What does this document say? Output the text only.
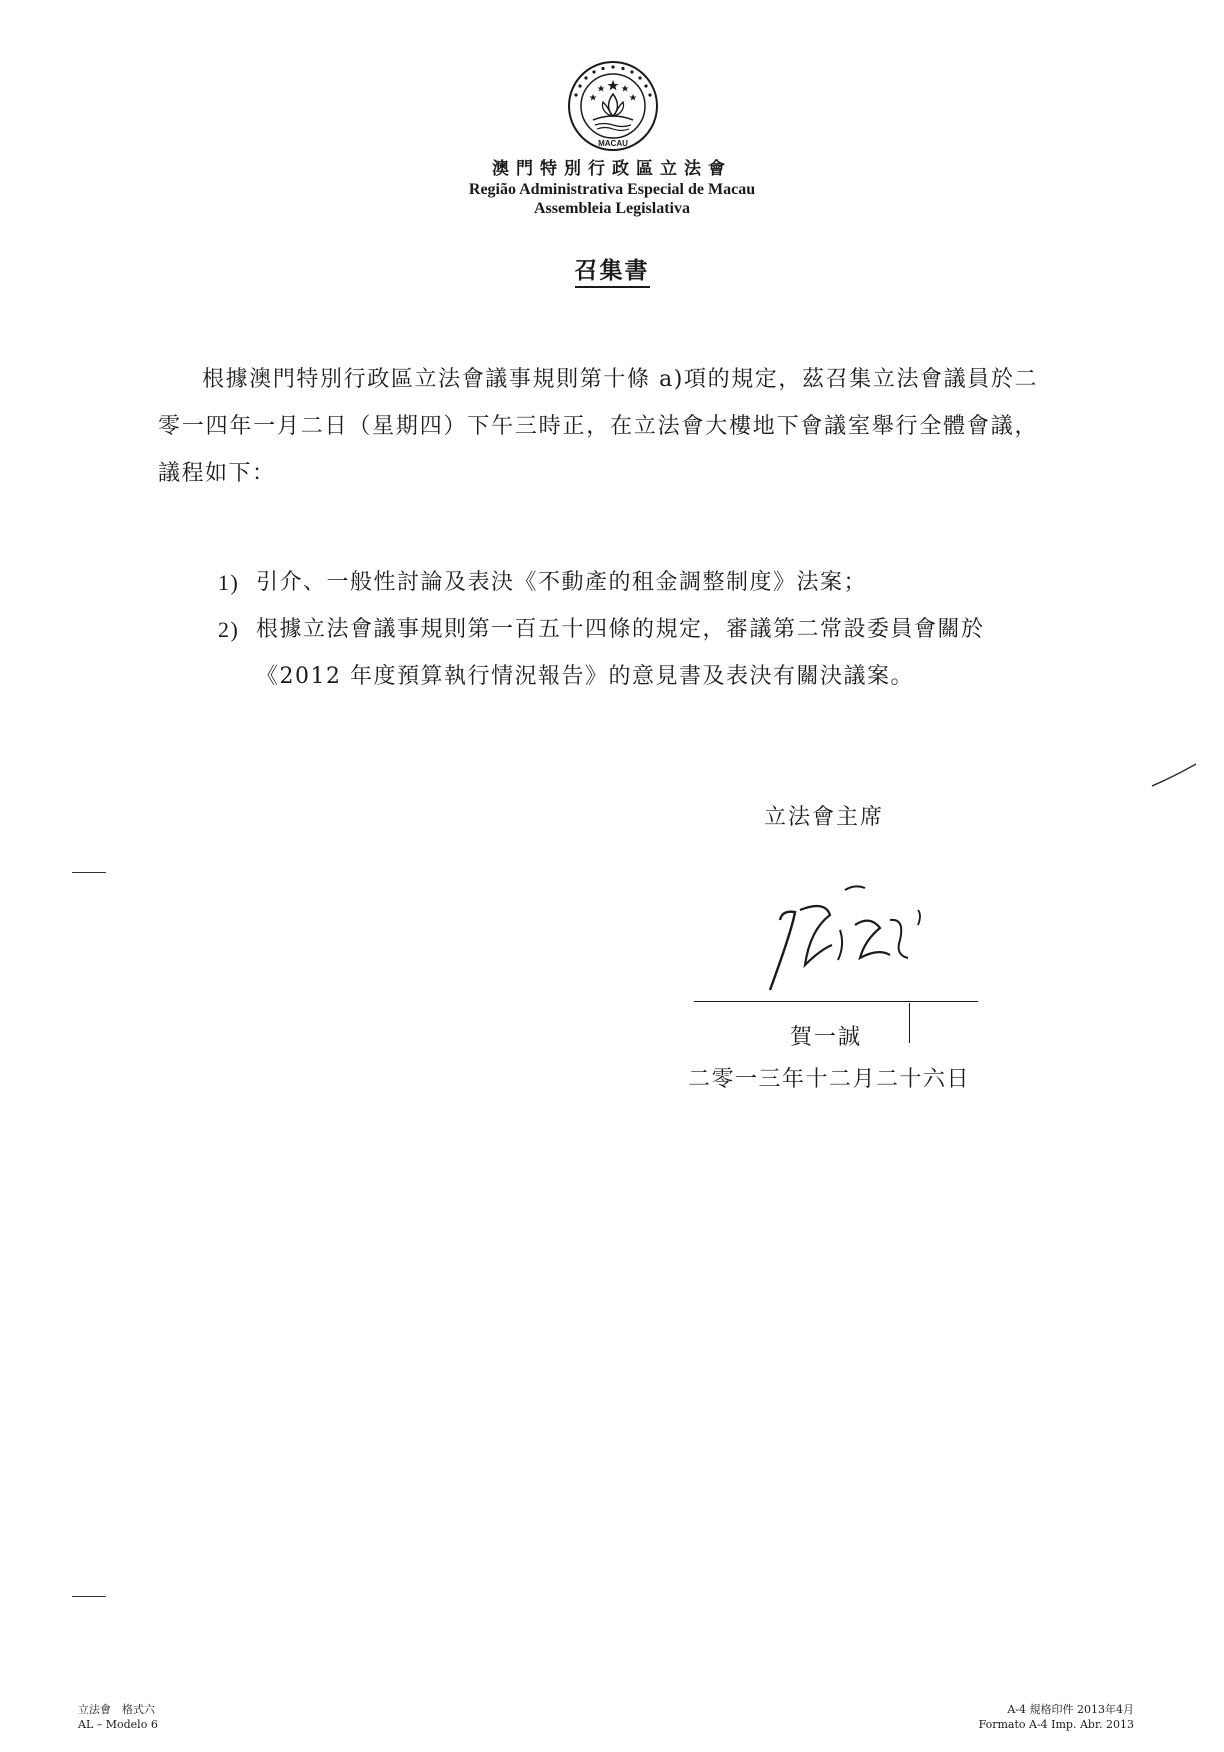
MACAU
澳門特別行政區立法會
Região Administrativa Especial de Macau
Assembleia Legislativa
召集書

根據澳門特別行政區立法會議事規則第十條 a)項的規定，茲召集立法會議員於二零一四年一月二日（星期四）下午三時正，在立法會大樓地下會議室舉行全體會議，議程如下：

1) 引介、一般性討論及表決《不動產的租金調整制度》法案；
2) 根據立法會議事規則第一百五十四條的規定，審議第二常設委員會關於《2012 年度預算執行情況報告》的意見書及表決有關決議案。
立法會主席
賀一誠
二零一三年十二月二十六日
立法會　格式六
AL – Modelo 6
A-4 規格印件 2013年4月
Formato A-4 Imp. Abr. 2013
